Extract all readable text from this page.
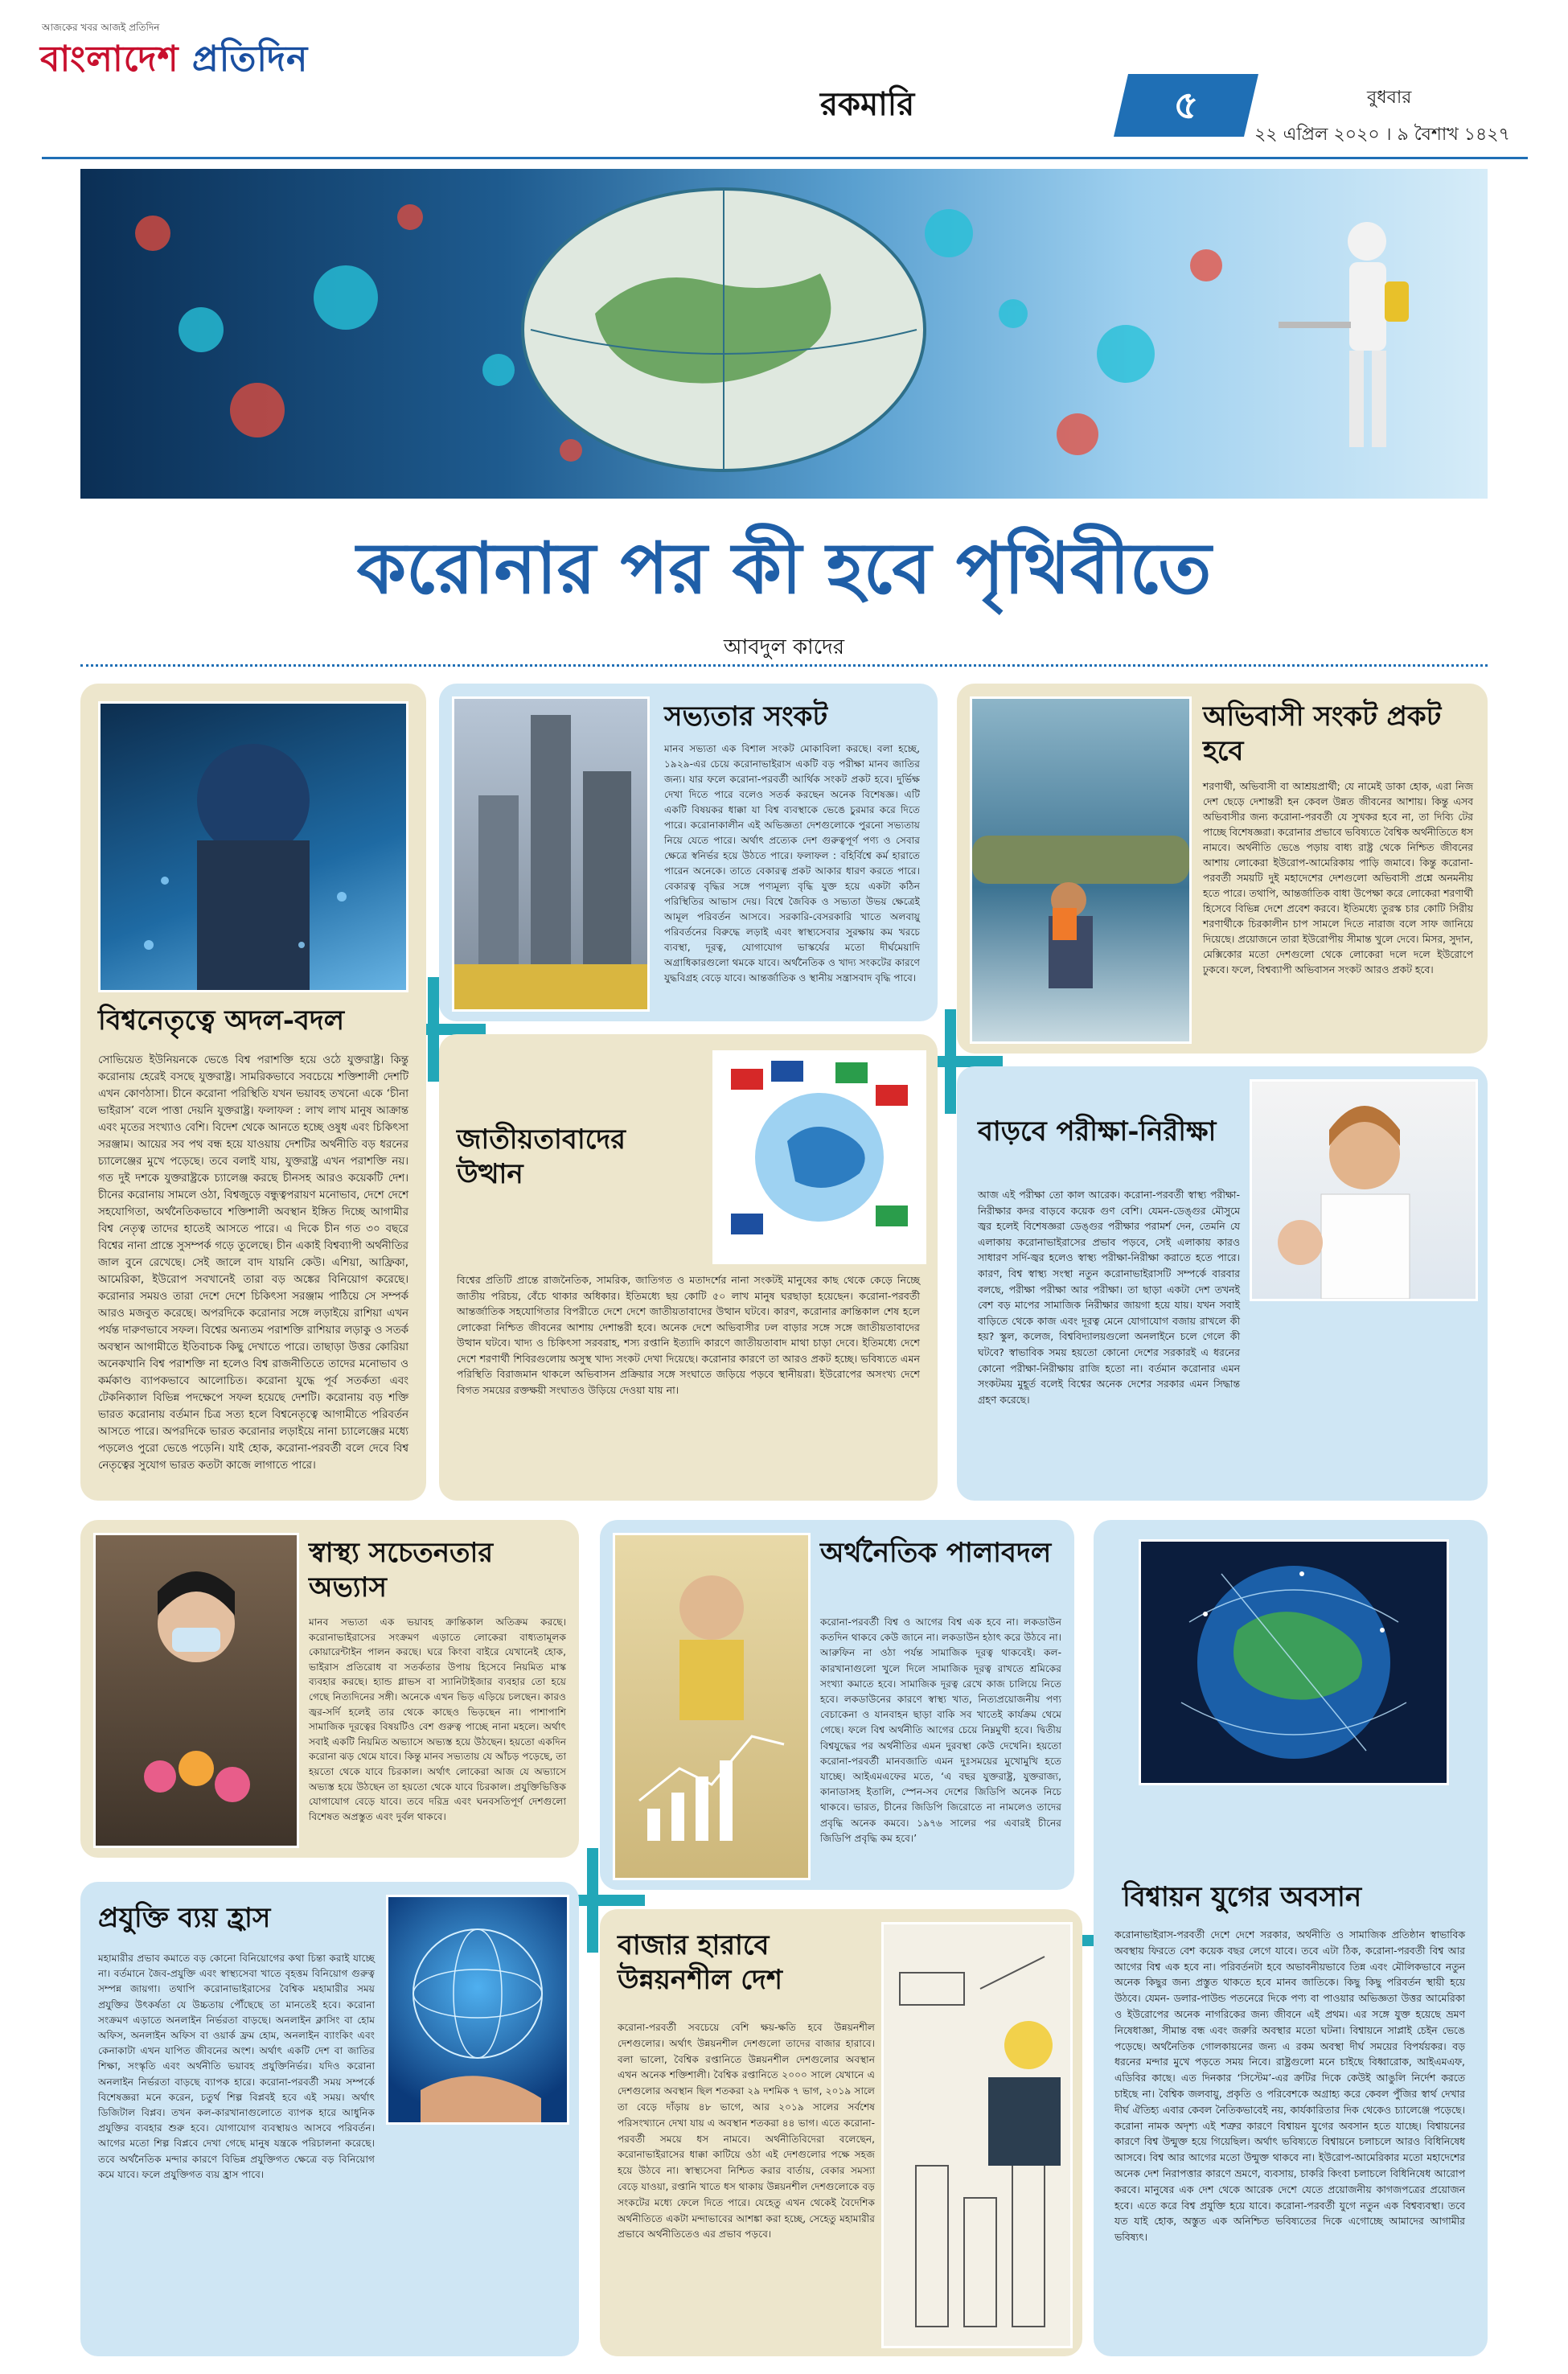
আজকের খবর আজই প্রতিদিন
বাংলাদেশ প্রতিদিন
রকমারি	৫	বুধবার
২২ এপ্রিল ২০২০ । ৯ বৈশাখ ১৪২৭
করোনার পর কী হবে পৃথিবীতে
আবদুল কাদের
বিশ্বনেতৃত্বে অদল-বদল
সোভিয়েত ইউনিয়নকে ভেঙে বিশ্ব পরাশক্তি হয়ে ওঠে যুক্তরাষ্ট্র। কিন্তু করোনায় হেরেই বসছে যুক্তরাষ্ট্র। সামরিকভাবে সবচেয়ে শক্তিশালী দেশটি এখন কোণঠাসা। চীনে করোনা পরিস্থিতি যখন ভয়াবহ তখনো একে ‘চীনা ভাইরাস’ বলে পাত্তা দেয়নি যুক্তরাষ্ট্র। ফলাফল : লাখ লাখ মানুষ আক্রান্ত এবং মৃতের সংখ্যাও বেশি। বিদেশ থেকে আনতে হচ্ছে ওষুধ এবং চিকিৎসা সরঞ্জাম। আয়ের সব পথ বন্ধ হয়ে যাওয়ায় দেশটির অর্থনীতি বড় ধরনের চ্যালেঞ্জের মুখে পড়েছে। তবে বলাই যায়, যুক্তরাষ্ট্র এখন পরাশক্তি নয়। গত দুই দশকে যুক্তরাষ্ট্রকে চ্যালেঞ্জ করছে চীনসহ আরও কয়েকটি দেশ। চীনের করোনায় সামলে ওঠা, বিশ্বজুড়ে বন্ধুত্বপরায়ণ মনোভাব, দেশে দেশে সহযোগিতা, অর্থনৈতিকভাবে শক্তিশালী অবস্থান ইঙ্গিত দিচ্ছে আগামীর বিশ্ব নেতৃত্ব তাদের হাতেই আসতে পারে। এ দিকে চীন গত ৩০ বছরে বিশ্বের নানা প্রান্তে সুসম্পর্ক গড়ে তুলেছে। চীন একাই বিশ্বব্যাপী অর্থনীতির জাল বুনে রেখেছে। সেই জালে বাদ যায়নি কেউ। এশিয়া, আফ্রিকা, আমেরিকা, ইউরোপ সবখানেই তারা বড় অঙ্কের বিনিয়োগ করেছে। করোনার সময়ও তারা দেশে দেশে চিকিৎসা সরঞ্জাম পাঠিয়ে সে সম্পর্ক আরও মজবুত করেছে। অপরদিকে করোনার সঙ্গে লড়াইয়ে রাশিয়া এখন পর্যন্ত দারুণভাবে সফল। বিশ্বের অন্যতম পরাশক্তি রাশিয়ার লড়াকু ও সতর্ক অবস্থান আগামীতে ইতিবাচক কিছু দেখাতে পারে। তাছাড়া উত্তর কোরিয়া অনেকখানি বিশ্ব পরাশক্তি না হলেও বিশ্ব রাজনীতিতে তাদের মনোভাব ও কর্মকাণ্ড ব্যাপকভাবে আলোচিত। করোনা যুদ্ধে পূর্ব সতর্কতা এবং টেকনিক্যাল বিভিন্ন পদক্ষেপে সফল হয়েছে দেশটি। করোনায় বড় শক্তি ভারত করোনায় বর্তমান চিত্র সত্য হলে বিশ্বনেতৃত্বে আগামীতে পরিবর্তন আসতে পারে। অপরদিকে ভারত করোনার লড়াইয়ে নানা চ্যালেঞ্জের মধ্যে পড়লেও পুরো ভেঙে পড়েনি। যাই হোক, করোনা-পরবর্তী বলে দেবে বিশ্ব নেতৃত্বের সুযোগ ভারত কতটা কাজে লাগাতে পারে।
সভ্যতার সংকট
মানব সভ্যতা এক বিশাল সংকট মোকাবিলা করছে। বলা হচ্ছে, ১৯২৯-এর চেয়ে করোনাভাইরাস একটি বড় পরীক্ষা মানব জাতির জন্য। যার ফলে করোনা-পরবর্তী আর্থিক সংকট প্রকট হবে। দুর্ভিক্ষ দেখা দিতে পারে বলেও সতর্ক করছেন অনেক বিশেষজ্ঞ। এটি একটি বিষয়কর ধাক্কা যা বিশ্ব ব্যবস্থাকে ভেঙে চুরমার করে দিতে পারে। করোনাকালীন এই অভিজ্ঞতা দেশগুলোকে পুরনো সভ্যতায় নিয়ে যেতে পারে। অর্থাৎ প্রত্যেক দেশ গুরুত্বপূর্ণ পণ্য ও সেবার ক্ষেত্রে স্বনির্ভর হয়ে উঠতে পারে। ফলাফল : বহির্বিশ্বে কর্ম হারাতে পারেন অনেকে। তাতে বেকারত্ব প্রকট আকার ধারণ করতে পারে। বেকারত্ব বৃদ্ধির সঙ্গে পণ্যমূল্য বৃদ্ধি যুক্ত হয়ে একটা কঠিন পরিস্থিতির আভাস দেয়। বিশ্বে জৈবিক ও সভ্যতা উভয় ক্ষেত্রেই আমূল পরিবর্তন আসবে। সরকারি-বেসরকারি খাতে অলবায়ু পরিবর্তনের বিরুদ্ধে লড়াই এবং স্বাস্থ্যসেবার সুরক্ষায় কম খরচে ব্যবস্থা, দূরত্ব, যোগাযোগ ভাস্কর্যের মতো দীর্ঘমেয়াদি অগ্রাধিকারগুলো থমকে যাবে। অর্থনৈতিক ও খাদ্য সংকটের কারণে যুদ্ধবিগ্রহ বেড়ে যাবে। আন্তর্জাতিক ও স্থানীয় সন্ত্রাসবাদ বৃদ্ধি পাবে।
অভিবাসী সংকট প্রকট হবে
শরণার্থী, অভিবাসী বা আশ্রয়প্রার্থী; যে নামেই ডাকা হোক, এরা নিজ দেশ ছেড়ে দেশান্তরী হন কেবল উন্নত জীবনের আশায়। কিন্তু এসব অভিবাসীর জন্য করোনা-পরবর্তী যে সুখকর হবে না, তা দিব্যি টের পাচ্ছে বিশেষজ্ঞরা। করোনার প্রভাবে ভবিষ্যতে বৈশ্বিক অর্থনীতিতে ধস নামবে। অর্থনীতি ভেঙে পড়ায় বাধ্য রাষ্ট্র থেকে নিশ্চিত জীবনের আশায় লোকেরা ইউরোপ-আমেরিকায় পাড়ি জমাবে। কিন্তু করোনা-পরবর্তী সময়টি দুই মহাদেশের দেশগুলো অভিবাসী প্রশ্নে অনমনীয় হতে পারে। তথাপি, আন্তর্জাতিক বাধা উপেক্ষা করে লোকেরা শরণার্থী হিসেবে বিভিন্ন দেশে প্রবেশ করবে। ইতিমধ্যে তুরস্ক চার কোটি সিরীয় শরণার্থীকে চিরকালীন চাপ সামলে দিতে নারাজ বলে সাফ জানিয়ে দিয়েছে। প্রয়োজনে তারা ইউরোপীয় সীমান্ত খুলে দেবে। মিসর, সুদান, মেক্সিকোর মতো দেশগুলো থেকে লোকেরা দলে দলে ইউরোপে ঢুকবে। ফলে, বিশ্বব্যাপী অভিবাসন সংকট আরও প্রকট হবে।
জাতীয়তাবাদের উত্থান
বিশ্বের প্রতিটি প্রান্তে রাজনৈতিক, সামরিক, জাতিগত ও মতাদর্শের নানা সংকটই মানুষের কাছ থেকে কেড়ে নিচ্ছে জাতীয় পরিচয়, বেঁচে থাকার অধিকার। ইতিমধ্যে ছয় কোটি ৫০ লাখ মানুষ ঘরছাড়া হয়েছেন। করোনা-পরবর্তী আন্তর্জাতিক সহযোগিতার বিপরীতে দেশে দেশে জাতীয়তাবাদের উত্থান ঘটবে। কারণ, করোনার ক্রান্তিকাল শেষ হলে লোকেরা নিশ্চিত জীবনের আশায় দেশান্তরী হবে। অনেক দেশে অভিবাসীর ঢল বাড়ার সঙ্গে সঙ্গে জাতীয়তাবাদের উত্থান ঘটবে। খাদ্য ও চিকিৎসা সরবরাহ, শস্য রপ্তানি ইত্যাদি কারণে জাতীয়তাবাদ মাথা চাড়া দেবে। ইতিমধ্যে দেশে দেশে শরণার্থী শিবিরগুলোয় অসুস্থ খাদ্য সংকট দেখা দিয়েছে। করোনার কারণে তা আরও প্রকট হচ্ছে। ভবিষ্যতে এমন পরিস্থিতি বিরাজমান থাকলে অভিবাসন প্রক্রিয়ার সঙ্গে সংঘাতে জড়িয়ে পড়বে স্থানীয়রা। ইউরোপের অসংখ্য দেশে বিগত সময়ের রক্তক্ষয়ী সংঘাতও উড়িয়ে দেওয়া যায় না।
বাড়বে পরীক্ষা-নিরীক্ষা
আজ এই পরীক্ষা তো কাল আরেক। করোনা-পরবর্তী স্বাস্থ্য পরীক্ষা-নিরীক্ষার কদর বাড়বে কয়েক গুণ বেশি। যেমন-ডেঙ্গুর মৌসুমে জ্বর হলেই বিশেষজ্ঞরা ডেঙ্গুর পরীক্ষার পরামর্শ দেন, তেমনি যে এলাকায় করোনাভাইরাসের প্রভাব পড়বে, সেই এলাকায় কারও সাধারণ সর্দি-জ্বর হলেও স্বাস্থ্য পরীক্ষা-নিরীক্ষা করাতে হতে পারে। কারণ, বিশ্ব স্বাস্থ্য সংস্থা নতুন করোনাভাইরাসটি সম্পর্কে বারবার বলছে, পরীক্ষা পরীক্ষা আর পরীক্ষা। তা ছাড়া একটা দেশ তখনই বেশ বড় মাপের সামাজিক নিরীক্ষার জায়গা হয়ে যায়। যখন সবাই বাড়িতে থেকে কাজ এবং দূরত্ব মেনে যোগাযোগ বজায় রাখলে কী হয়? স্কুল, কলেজ, বিশ্ববিদ্যালয়গুলো অনলাইনে চলে গেলে কী ঘটবে? স্বাভাবিক সময় হয়তো কোনো দেশের সরকারই এ ধরনের কোনো পরীক্ষা-নিরীক্ষায় রাজি হতো না। বর্তমান করোনার এমন সংকটময় মুহূর্ত বলেই বিশ্বের অনেক দেশের সরকার এমন সিদ্ধান্ত গ্রহণ করেছে।
স্বাস্থ্য সচেতনতার অভ্যাস
মানব সভ্যতা এক ভয়াবহ ক্রান্তিকাল অতিক্রম করছে। করোনাভাইরাসের সংক্রমণ এড়াতে লোকেরা বাধ্যতামূলক কোয়ারেন্টাইন পালন করছে। ঘরে কিংবা বাইরে যেখানেই হোক, ভাইরাস প্রতিরোধ বা সতর্কতার উপায় হিসেবে নিয়মিত মাস্ক ব্যবহার করছে। হ্যান্ড গ্লাভস বা স্যানিটাইজার ব্যবহার তো হয়ে গেছে নিত্যদিনের সঙ্গী। অনেকে এখন ভিড় এড়িয়ে চলছেন। কারও জ্বর-সর্দি হলেই তার থেকে কাছেও ভিড়ছেন না। পাশাপাশি সামাজিক দূরত্বের বিষয়টিও বেশ গুরুত্ব পাচ্ছে নানা মহলে। অর্থাৎ সবাই একটি নিয়মিত অভ্যাসে অভ্যস্ত হয়ে উঠছেন। হয়তো একদিন করোনা ঝড় থেমে যাবে। কিন্তু মানব সভ্যতায় যে আঁচড় পড়েছে, তা হয়তো থেকে যাবে চিরকাল। অর্থাৎ লোকেরা আজ যে অভ্যাসে অভ্যস্ত হয়ে উঠছেন তা হয়তো থেকে যাবে চিরকাল। প্রযুক্তিভিত্তিক যোগাযোগ বেড়ে যাবে। তবে দরিদ্র এবং ঘনবসতিপূর্ণ দেশগুলো বিশেষত অপ্রস্তুত এবং দুর্বল থাকবে।
অর্থনৈতিক পালাবদল
করোনা-পরবর্তী বিশ্ব ও আগের বিশ্ব এক হবে না। লকডাউন কতদিন থাকবে কেউ জানে না। লকডাউন হঠাৎ করে উঠবে না। আরুফিন না ওঠা পর্যন্ত সামাজিক দূরত্ব থাকবেই। কল-কারখানাগুলো খুলে দিলে সামাজিক দূরত্ব রাখতে শ্রমিকের সংখ্যা কমাতে হবে। সামাজিক দূরত্ব রেখে কাজ চালিয়ে নিতে হবে। লকডাউনের কারণে স্বাস্থ্য খাত, নিত্যপ্রয়োজনীয় পণ্য বেচাকেনা ও যানবাহন ছাড়া বাকি সব খাতেই কার্যক্রম থেমে গেছে। ফলে বিশ্ব অর্থনীতি আগের চেয়ে নিম্নমুখী হবে। দ্বিতীয় বিশ্বযুদ্ধের পর অর্থনীতির এমন দুরবস্থা কেউ দেখেনি। হয়তো করোনা-পরবর্তী মানবজাতি এমন দুঃসময়ের মুখোমুখি হতে যাচ্ছে। আইএমএফের মতে, ‘এ বছর যুক্তরাষ্ট্র, যুক্তরাজ্য, কানাডাসহ ইতালি, স্পেন-সব দেশের জিডিপি অনেক নিচে থাকবে। ভারত, চীনের জিডিপি জিরোতে না নামলেও তাদের প্রবৃদ্ধি অনেক কমবে। ১৯৭৬ সালের পর এবারই চীনের জিডিপি প্রবৃদ্ধি কম হবে।’
বিশ্বায়ন যুগের অবসান
করোনাভাইরাস-পরবর্তী দেশে দেশে সরকার, অর্থনীতি ও সামাজিক প্রতিষ্ঠান স্বাভাবিক অবস্থায় ফিরতে বেশ কয়েক বছর লেগে যাবে। তবে এটা ঠিক, করোনা-পরবর্তী বিশ্ব আর আগের বিশ্ব এক হবে না। পরিবর্তনটা হবে অভাবনীয়ভাবে তিন্ন এবং মৌলিকভাবে নতুন অনেক কিছুর জন্য প্রস্তুত থাকতে হবে মানব জাতিকে। কিছু কিছু পরিবর্তন স্থায়ী হয়ে উঠবে। যেমন- ডলার-পাউন্ড পতনেরে দিকে পণ্য বা পাওয়ার অভিজ্ঞতা উত্তর আমেরিকা ও ইউরোপের অনেক নাগরিকের জন্য জীবনে এই প্রথম। এর সঙ্গে যুক্ত হয়েছে ভ্রমণ নিষেধাজ্ঞা, সীমান্ত বন্ধ এবং জরুরি অবস্থার মতো ঘটনা। বিশ্বায়নে সাপ্লাই চেইন ভেঙে পড়েছে। অর্থনৈতিক গোলকায়নের জন্য এ রকম অবস্থা দীর্ঘ সময়ের বিপর্যয়কর। বড় ধরনের মন্দার মুখে পড়তে সময় নিবে। রাষ্ট্রগুলো মনে চাইছে বিধ্বারোক, আইএমএফ, এডিবির কাছে। এত দিনকার ‘সিস্টেম’-এর ক্রটির দিকে কেউই আঙুলি নির্দেশ করতে চাইছে না। বৈশ্বিক জলবায়ু, প্রকৃতি ও পরিবেশকে অগ্রাহ্য করে কেবল পুঁজির স্বার্থ দেখার দীর্ঘ ঐতিহ্য এবার কেবল নৈতিকভাবেই নয়, কার্যকারিতার দিক থেকেও চ্যালেঞ্জে পড়েছে। করোনা নামক অদৃশ্য এই শত্রুর কারণে বিশ্বায়ন যুগের অবসান হতে যাচ্ছে। বিশ্বায়নের কারণে বিশ্ব উন্মুক্ত হয়ে গিয়েছিল। অর্থাৎ ভবিষ্যতে বিশ্বায়নে চলাচলে আরও বিধিনিষেধ আসবে। বিশ্ব আর আগের মতো উন্মুক্ত থাকবে না। ইউরোপ-আমেরিকার মতো মহাদেশের অনেক দেশ নিরাপত্তার কারণে ভ্রমণে, ব্যবসায়, চাকরি কিংবা চলাচলে বিধিনিষেধ আরোপ করবে। মানুষের এক দেশ থেকে আরেক দেশে যেতে প্রয়োজনীয় কাগজপত্রের প্রয়োজন হবে। এতে করে বিশ্ব প্রযুক্তি হয়ে যাবে। করোনা-পরবর্তী যুগে নতুন এক বিশ্বব্যবস্থা। তবে যত যাই হোক, অস্তুত এক অনিশ্চিত ভবিষ্যতের দিকে এগোচ্ছে আমাদের আগামীর ভবিষ্যৎ।
প্রযুক্তি ব্যয় হ্রাস
মহামারীর প্রভাব কমাতে বড় কোনো বিনিয়োগের কথা চিন্তা করাই যাচ্ছে না। বর্তমানে জৈব-প্রযুক্তি এবং স্বাস্থ্যসেবা খাতে বৃহত্তম বিনিয়োগ গুরুত্ব সম্পন্ন জায়গা। তথাপি করোনাভাইরাসের বৈশ্বিক মহামারীর সময় প্রযুক্তির উৎকর্ষতা যে উচ্চতায় পৌঁছেছে তা মানতেই হবে। করোনা সংক্রমণ এড়াতে অনলাইন নির্ভরতা বাড়ছে। অনলাইন ক্লাসিং বা হোম অফিস, অনলাইন অফিস বা ওয়ার্ক ফ্রম হোম, অনলাইন ব্যাংকিং এবং কেনাকাটা এখন যাপিত জীবনের অংশ। অর্থাৎ একটি দেশ বা জাতির শিক্ষা, সংস্কৃতি এবং অর্থনীতি ভয়াবহ প্রযুক্তিনির্ভর। যদিও করোনা অনলাইন নির্ভরতা বাড়ছে ব্যাপক হারে। করোনা-পরবর্তী সময় সম্পর্কে বিশেষজ্ঞরা মনে করেন, চতুর্থ শিল্প বিপ্লবই হবে এই সময়। অর্থাৎ ডিজিটাল বিপ্লব। তখন কল-কারখানাগুলোতে ব্যাপক হারে আধুনিক প্রযুক্তির ব্যবহার শুরু হবে। যোগাযোগ ব্যবস্থায়ও আসবে পরিবর্তন। আগের মতো শিল্প বিপ্লবে দেখা গেছে মানুষ যন্ত্রকে পরিচালনা করেছে। তবে অর্থনৈতিক মন্দার কারণে বিভিন্ন প্রযুক্তিগত ক্ষেত্রে বড় বিনিয়োগ কমে যাবে। ফলে প্রযুক্তিগত ব্যয় হ্রাস পাবে।
বাজার হারাবে উন্নয়নশীল দেশ
করোনা-পরবর্তী সবচেয়ে বেশি ক্ষয়-ক্ষতি হবে উন্নয়নশীল দেশগুলোর। অর্থাৎ উন্নয়নশীল দেশগুলো তাদের বাজার হারাবে। বলা ভালো, বৈশ্বিক রপ্তানিতে উন্নয়নশীল দেশগুলোর অবস্থান এখন অনেক শক্তিশালী। বৈশ্বিক রপ্তানিতে ২০০০ সালে যেখানে এ দেশগুলোর অবস্থান ছিল শতকরা ২৯ দশমিক ৭ ভাগ, ২০১৯ সালে তা বেড়ে দাঁড়ায় ৪৮ ভাগে, আর ২০১৯ সালের সর্বশেষ পরিসংখ্যানে দেখা যায় এ অবস্থান শতকরা ৪৪ ভাগ। এতে করোনা-পরবর্তী সময়ে ধস নামবে। অর্থনীতিবিদেরা বলেছেন, করোনাভাইরাসের ধাক্কা কাটিয়ে ওঠা এই দেশগুলোর পক্ষে সহজ হয়ে উঠবে না। স্বাস্থ্যসেবা নিশ্চিত করার বার্তায়, বেকার সমস্যা বেড়ে যাওয়া, রপ্তানি খাতে ধস থাকায় উন্নয়নশীল দেশগুলোকে বড় সংকটের মধ্যে ফেলে দিতে পারে। যেহেতু এখন থেকেই বৈদেশিক অর্থনীতিতে একটা মন্দাভাবের আশঙ্কা করা হচ্ছে, সেহেতু মহামারীর প্রভাবে অর্থনীতিতেও এর প্রভাব পড়বে।
